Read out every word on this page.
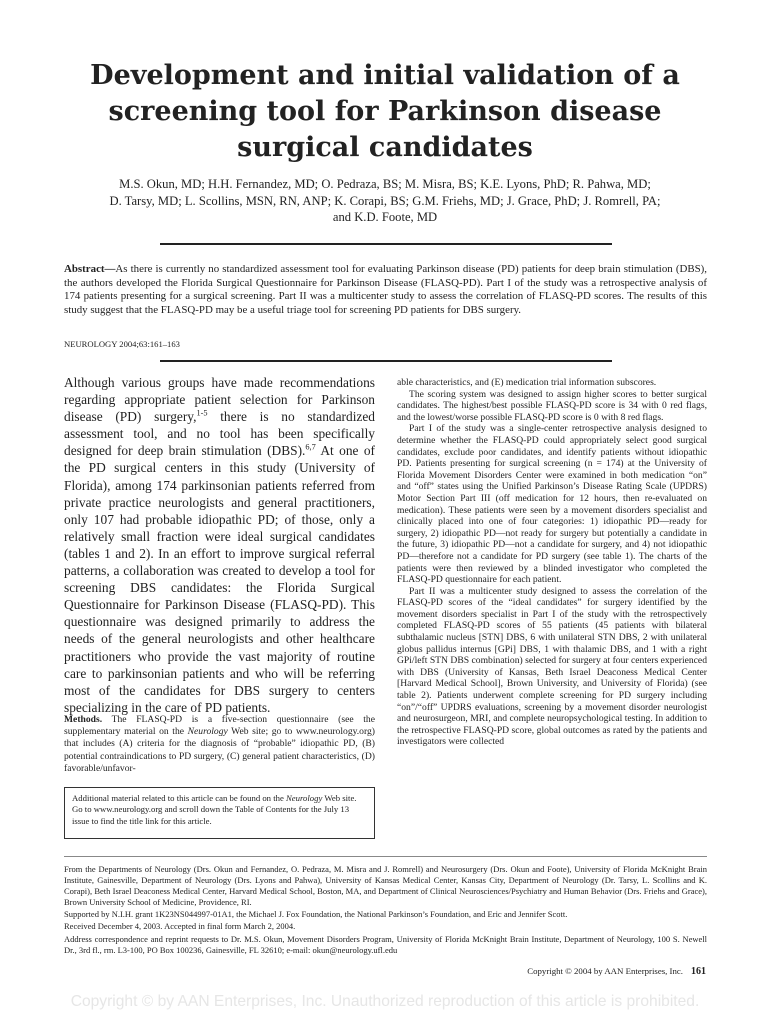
Development and initial validation of a
screening tool for Parkinson disease
surgical candidates
M.S. Okun, MD; H.H. Fernandez, MD; O. Pedraza, BS; M. Misra, BS; K.E. Lyons, PhD; R. Pahwa, MD;
D. Tarsy, MD; L. Scollins, MSN, RN, ANP; K. Corapi, BS; G.M. Friehs, MD; J. Grace, PhD; J. Romrell, PA;
and K.D. Foote, MD

Abstract—As there is currently no standardized assessment tool for evaluating Parkinson disease (PD) patients for deep brain stimulation (DBS), the authors developed the Florida Surgical Questionnaire for Parkinson Disease (FLASQ-PD). Part I of the study was a retrospective analysis of 174 patients presenting for a surgical screening. Part II was a multicenter study to assess the correlation of FLASQ-PD scores. The results of this study suggest that the FLASQ-PD may be a useful triage tool for screening PD patients for DBS surgery.

NEUROLOGY 2004;63:161–163

Although various groups have made recommendations regarding appropriate patient selection for Parkinson disease (PD) surgery,$^{1-5}$ there is no standardized assessment tool, and no tool has been specifically designed for deep brain stimulation (DBS).$^{6,7}$ At one of the PD surgical centers in this study (University of Florida), among 174 parkinsonian patients referred from private practice neurologists and general practitioners, only 107 had probable idiopathic PD; of those, only a relatively small fraction were ideal surgical candidates (tables 1 and 2). In an effort to improve surgical referral patterns, a collaboration was created to develop a tool for screening DBS candidates: the Florida Surgical Questionnaire for Parkinson Disease (FLASQ-PD). This questionnaire was designed primarily to address the needs of the general neurologists and other healthcare practitioners who provide the vast majority of routine care to parkinsonian patients and who will be referring most of the candidates for DBS surgery to centers specializing in the care of PD patients.

Methods. The FLASQ-PD is a five-section questionnaire (see the supplementary material on the Neurology Web site; go to www.neurology.org) that includes (A) criteria for the diagnosis of “probable” idiopathic PD, (B) potential contraindications to PD surgery, (C) general patient characteristics, (D) favorable/unfavor-

Additional material related to this article can be found on the Neurology Web site. Go to www.neurology.org and scroll down the Table of Contents for the July 13 issue to find the title link for this article.

able characteristics, and (E) medication trial information subscores.

The scoring system was designed to assign higher scores to better surgical candidates. The highest/best possible FLASQ-PD score is 34 with 0 red flags, and the lowest/worse possible FLASQ-PD score is 0 with 8 red flags.

Part I of the study was a single-center retrospective analysis designed to determine whether the FLASQ-PD could appropriately select good surgical candidates, exclude poor candidates, and identify patients without idiopathic PD. Patients presenting for surgical screening (n = 174) at the University of Florida Movement Disorders Center were examined in both medication “on” and “off” states using the Unified Parkinson’s Disease Rating Scale (UPDRS) Motor Section Part III (off medication for 12 hours, then re-evaluated on medication). These patients were seen by a movement disorders specialist and clinically placed into one of four categories: 1) idiopathic PD—ready for surgery, 2) idiopathic PD—not ready for surgery but potentially a candidate in the future, 3) idiopathic PD—not a candidate for surgery, and 4) not idiopathic PD—therefore not a candidate for PD surgery (see table 1). The charts of the patients were then reviewed by a blinded investigator who completed the FLASQ-PD questionnaire for each patient.

Part II was a multicenter study designed to assess the correlation of the FLASQ-PD scores of the “ideal candidates” for surgery identified by the movement disorders specialist in Part I of the study with the retrospectively completed FLASQ-PD scores of 55 patients (45 patients with bilateral subthalamic nucleus [STN] DBS, 6 with unilateral STN DBS, 2 with unilateral globus pallidus internus [GPi] DBS, 1 with thalamic DBS, and 1 with a right GPi/left STN DBS combination) selected for surgery at four centers experienced with DBS (University of Kansas, Beth Israel Deaconess Medical Center [Harvard Medical School], Brown University, and University of Florida) (see table 2). Patients underwent complete screening for PD surgery including “on”/“off” UPDRS evaluations, screening by a movement disorder neurologist and neurosurgeon, MRI, and complete neuropsychological testing. In addition to the retrospective FLASQ-PD score, global outcomes as rated by the patients and investigators were collected

From the Departments of Neurology (Drs. Okun and Fernandez, O. Pedraza, M. Misra and J. Romrell) and Neurosurgery (Drs. Okun and Foote), University of Florida McKnight Brain Institute, Gainesville, Department of Neurology (Drs. Lyons and Pahwa), University of Kansas Medical Center, Kansas City, Department of Neurology (Dr. Tarsy, L. Scollins and K. Corapi), Beth Israel Deaconess Medical Center, Harvard Medical School, Boston, MA, and Department of Clinical Neurosciences/Psychiatry and Human Behavior (Drs. Friehs and Grace), Brown University School of Medicine, Providence, RI.

Supported by N.I.H. grant 1K23NS044997-01A1, the Michael J. Fox Foundation, the National Parkinson’s Foundation, and Eric and Jennifer Scott.

Received December 4, 2003. Accepted in final form March 2, 2004.

Address correspondence and reprint requests to Dr. M.S. Okun, Movement Disorders Program, University of Florida McKnight Brain Institute, Department of Neurology, 100 S. Newell Dr., 3rd fl., rm. L3-100, PO Box 100236, Gainesville, FL 32610; e-mail: okun@neurology.ufl.edu

Copyright © 2004 by AAN Enterprises, Inc. 161
Copyright © by AAN Enterprises, Inc. Unauthorized reproduction of this article is prohibited.
